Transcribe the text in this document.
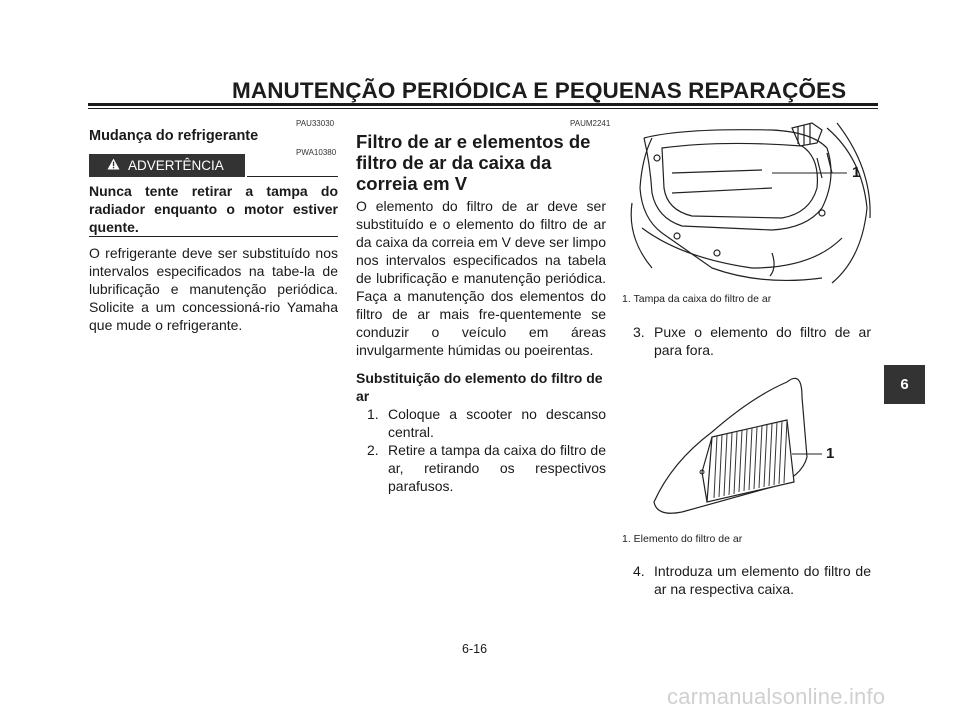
MANUTENÇÃO PERIÓDICA E PEQUENAS REPARAÇÕES
PAU33030
Mudança do refrigerante
PWA10380
ADVERTÊNCIA
Nunca tente retirar a tampa do radiador enquanto o motor estiver quente.
O refrigerante deve ser substituído nos intervalos especificados na tabe-la de lubrificação e manutenção periódica. Solicite a um concessioná-rio Yamaha que mude o refrigerante.
PAUM2241
Filtro de ar e elementos de filtro de ar da caixa da correia em V
O elemento do filtro de ar deve ser substituído e o elemento do filtro de ar da caixa da correia em V deve ser limpo nos intervalos especificados na tabela de lubrificação e manutenção periódica. Faça a manutenção dos elementos do filtro de ar mais fre-quentemente se conduzir o veículo em áreas invulgarmente húmidas ou poeirentas.
Substituição do elemento do filtro de ar
1. Coloque a scooter no descanso central.
2. Retire a tampa da caixa do filtro de ar, retirando os respectivos parafusos.
1
1. Tampa da caixa do filtro de ar
3. Puxe o elemento do filtro de ar para fora.
1
1. Elemento do filtro de ar
4. Introduza um elemento do filtro de ar na respectiva caixa.
6
6-16
carmanualsonline.info
